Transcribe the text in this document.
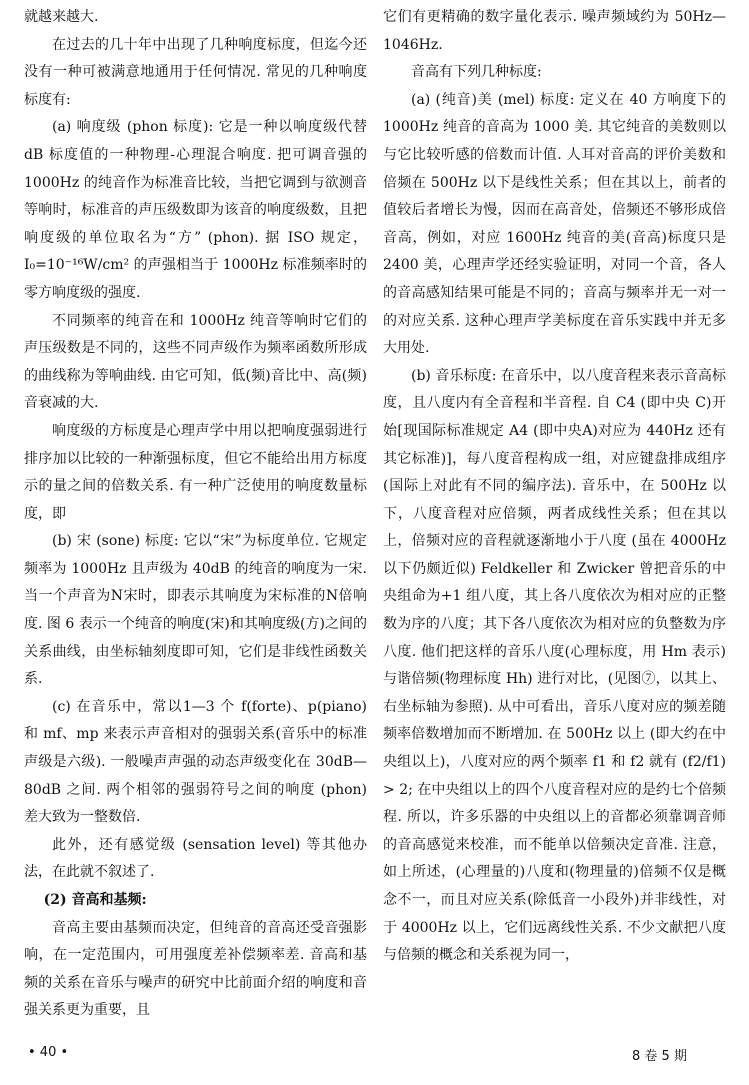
就越来越大.

在过去的几十年中出现了几种响度标度，但迄今还没有一种可被满意地通用于任何情况. 常见的几种响度标度有:

(a) 响度级 (phon 标度): 它是一种以响度级代替 dB 标度值的一种物理-心理混合响度. 把可调音强的 1000Hz 的纯音作为标准音比较，当把它调到与欲测音等响时，标准音的声压级数即为该音的响度级数，且把响度级的单位取名为“方” (phon). 据 ISO 规定，I₀=10⁻¹⁶W/cm² 的声强相当于 1000Hz 标准频率时的零方响度级的强度.

不同频率的纯音在和 1000Hz 纯音等响时它们的声压级数是不同的，这些不同声级作为频率函数所形成的曲线称为等响曲线. 由它可知，低(频)音比中、高(频)音衰减的大.

响度级的方标度是心理声学中用以把响度强弱进行排序加以比较的一种渐强标度，但它不能给出用方标度示的量之间的倍数关系. 有一种广泛使用的响度数量标度，即

(b) 宋 (sone) 标度: 它以“宋”为标度单位. 它规定频率为 1000Hz 且声级为 40dB 的纯音的响度为一宋. 当一个声音为N宋时，即表示其响度为宋标准的N倍响度. 图 6 表示一个纯音的响度(宋)和其响度级(方)之间的关系曲线，由坐标轴刻度即可知，它们是非线性函数关系.

(c) 在音乐中，常以1—3 个 f(forte)、p(piano) 和 mf、mp 来表示声音相对的强弱关系(音乐中的标准声级是六级). 一般噪声声强的动态声级变化在 30dB—80dB 之间. 两个相邻的强弱符号之间的响度 (phon) 差大致为一整数倍.

此外，还有感觉级 (sensation level) 等其他办法，在此就不叙述了.

(2) 音高和基频:

音高主要由基频而决定，但纯音的音高还受音强影响，在一定范围内，可用强度差补偿频率差. 音高和基频的关系在音乐与噪声的研究中比前面介绍的响度和音强关系更为重要，且

它们有更精确的数字量化表示. 噪声频域约为 50Hz—1046Hz.

音高有下列几种标度:

(a) (纯音)美 (mel) 标度: 定义在 40 方响度下的 1000Hz 纯音的音高为 1000 美. 其它纯音的美数则以与它比较听感的倍数而计值. 人耳对音高的评价美数和倍频在 500Hz 以下是线性关系；但在其以上，前者的值较后者增长为慢，因而在高音处，倍频还不够形成倍音高，例如，对应 1600Hz 纯音的美(音高)标度只是 2400 美，心理声学还经实验证明，对同一个音，各人的音高感知结果可能是不同的；音高与频率并无一对一的对应关系. 这种心理声学美标度在音乐实践中并无多大用处.

(b) 音乐标度: 在音乐中，以八度音程来表示音高标度，且八度内有全音程和半音程. 自 C4 (即中央 C)开始[现国际标准规定 A4 (即中央A)对应为 440Hz 还有其它标准)]，每八度音程构成一组，对应键盘排成组序(国际上对此有不同的编序法). 音乐中，在 500Hz 以下，八度音程对应倍频，两者成线性关系；但在其以上，倍频对应的音程就逐渐地小于八度 (虽在 4000Hz 以下仍颇近似) Feldkeller 和 Zwicker 曾把音乐的中央组命为+1 组八度，其上各八度依次为相对应的正整数为序的八度；其下各八度依次为相对应的负整数为序八度. 他们把这样的音乐八度(心理标度，用 Hm 表示)与谐倍频(物理标度 Hh) 进行对比，(见图⑦，以其上、右坐标轴为参照). 从中可看出，音乐八度对应的频差随频率倍数增加而不断增加. 在 500Hz 以上 (即大约在中央组以上)，八度对应的两个频率 f1 和 f2 就有 (f2/f1) > 2; 在中央组以上的四个八度音程对应的是约七个倍频程. 所以，许多乐器的中央组以上的音都必须靠调音师的音高感觉来校准，而不能单以倍频决定音准. 注意，如上所述，(心理量的)八度和(物理量的)倍频不仅是概念不一，而且对应关系(除低音一小段外)并非线性，对于 4000Hz 以上，它们远离线性关系. 不少文献把八度与倍频的概念和关系视为同一，

• 40 •	8 卷 5 期
